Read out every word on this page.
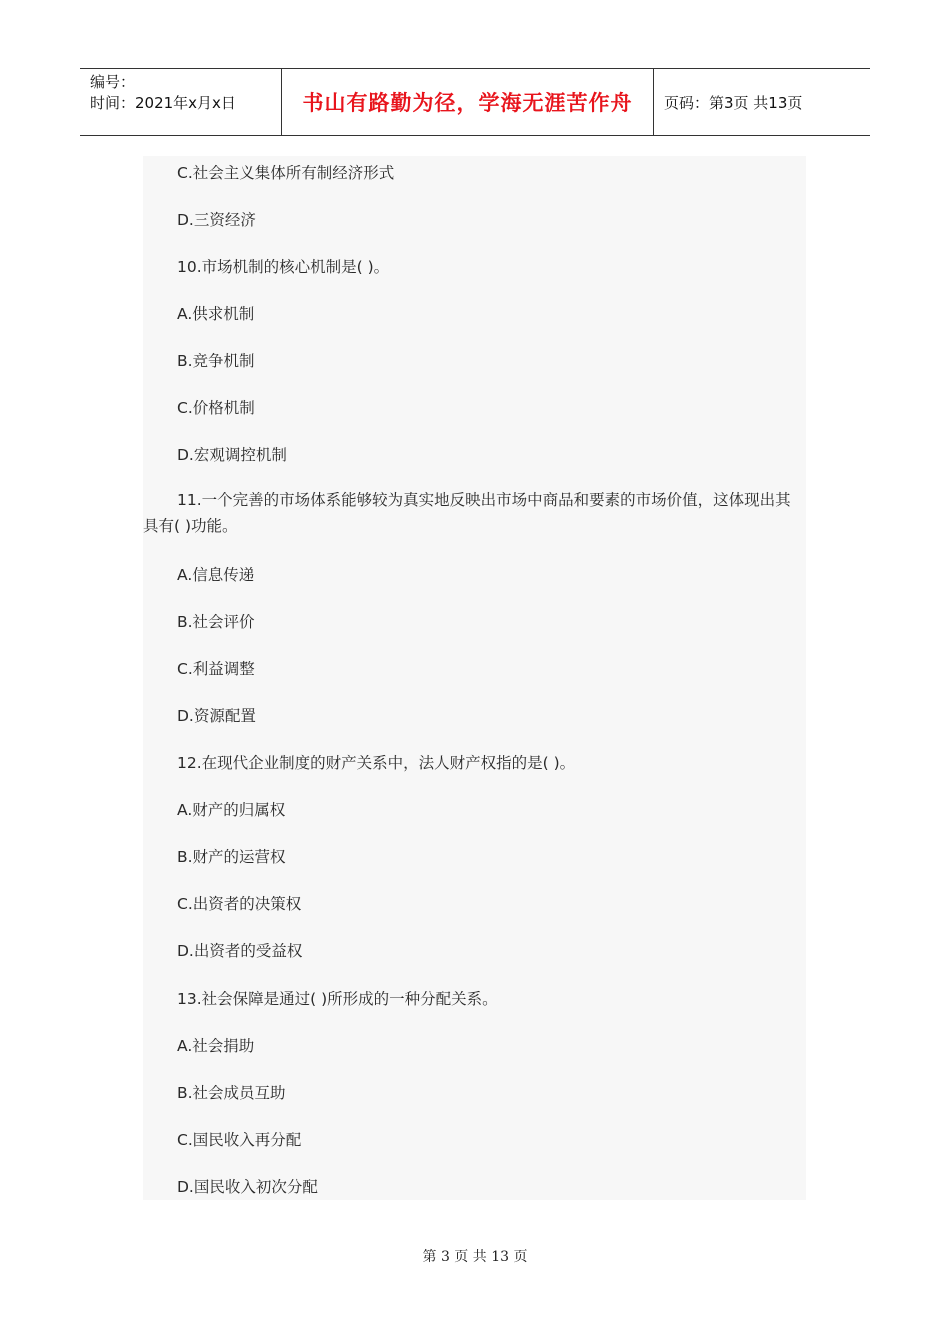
编号：
时间：2021年x月x日	书山有路勤为径，学海无涯苦作舟	页码：第3页 共13页
C.社会主义集体所有制经济形式
D.三资经济
10.市场机制的核心机制是( )。
A.供求机制
B.竞争机制
C.价格机制
D.宏观调控机制
11.一个完善的市场体系能够较为真实地反映出市场中商品和要素的市场价值，这体现出其 具有( )功能。
A.信息传递
B.社会评价
C.利益调整
D.资源配置
12.在现代企业制度的财产关系中，法人财产权指的是( )。
A.财产的归属权
B.财产的运营权
C.出资者的决策权
D.出资者的受益权
13.社会保障是通过( )所形成的一种分配关系。
A.社会捐助
B.社会成员互助
C.国民收入再分配
D.国民收入初次分配
第 3 页 共 13 页
